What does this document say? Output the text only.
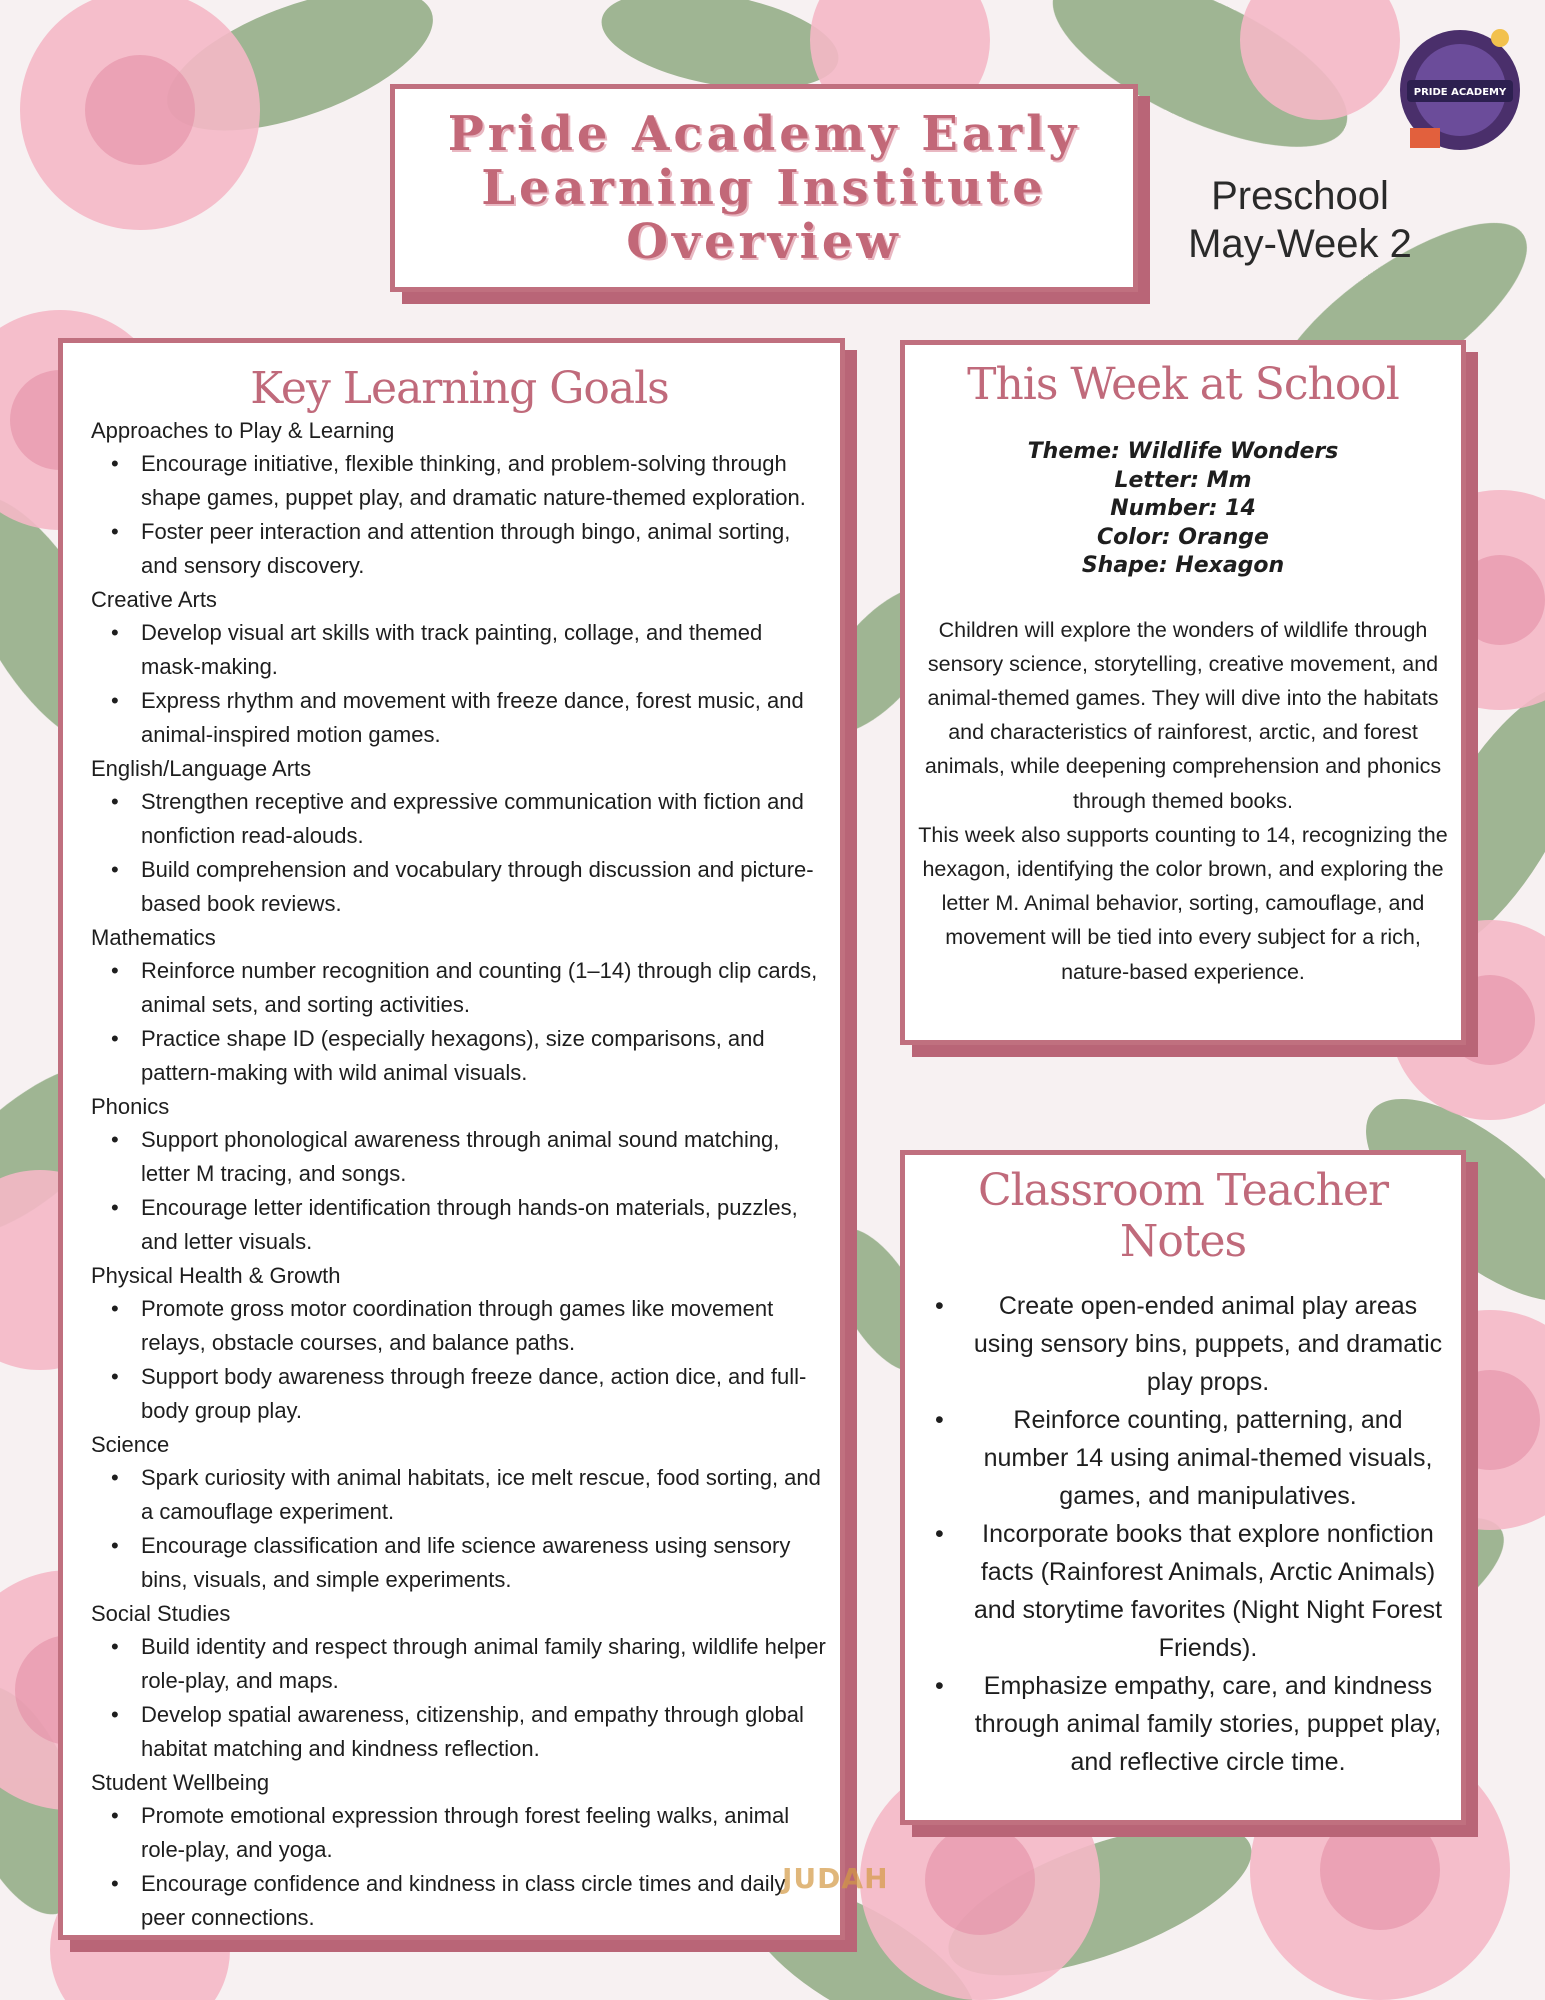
PRIDE ACADEMY
Pride Academy Early
Learning Institute
Overview
Preschool
May-Week 2
Key Learning Goals

Approaches to Play & Learning

• Encourage initiative, flexible thinking, and problem-solving through shape games, puppet play, and dramatic nature-themed exploration.
• Foster peer interaction and attention through bingo, animal sorting, and sensory discovery.

Creative Arts

• Develop visual art skills with track painting, collage, and themed mask-making.
• Express rhythm and movement with freeze dance, forest music, and animal-inspired motion games.

English/Language Arts

• Strengthen receptive and expressive communication with fiction and nonfiction read-alouds.
• Build comprehension and vocabulary through discussion and picture-based book reviews.

Mathematics

• Reinforce number recognition and counting (1–14) through clip cards, animal sets, and sorting activities.
• Practice shape ID (especially hexagons), size comparisons, and pattern-making with wild animal visuals.

Phonics

• Support phonological awareness through animal sound matching, letter M tracing, and songs.
• Encourage letter identification through hands-on materials, puzzles, and letter visuals.

Physical Health & Growth

• Promote gross motor coordination through games like movement relays, obstacle courses, and balance paths.
• Support body awareness through freeze dance, action dice, and full-body group play.

Science

• Spark curiosity with animal habitats, ice melt rescue, food sorting, and a camouflage experiment.
• Encourage classification and life science awareness using sensory bins, visuals, and simple experiments.

Social Studies

• Build identity and respect through animal family sharing, wildlife helper role-play, and maps.
• Develop spatial awareness, citizenship, and empathy through global habitat matching and kindness reflection.

Student Wellbeing

• Promote emotional expression through forest feeling walks, animal role-play, and yoga.
• Encourage confidence and kindness in class circle times and daily peer connections.
This Week at School
Theme: Wildlife Wonders
Letter: Mm
Number: 14
Color: Orange
Shape: Hexagon

Children will explore the wonders of wildlife through sensory science, storytelling, creative movement, and animal-themed games. They will dive into the habitats and characteristics of rainforest, arctic, and forest animals, while deepening comprehension and phonics through themed books.

This week also supports counting to 14, recognizing the hexagon, identifying the color brown, and exploring the letter M. Animal behavior, sorting, camouflage, and movement will be tied into every subject for a rich, nature-based experience.

Classroom Teacher Notes
• Create open-ended animal play areas using sensory bins, puppets, and dramatic play props.
• Reinforce counting, patterning, and number 14 using animal-themed visuals, games, and manipulatives.
• Incorporate books that explore nonfiction facts (Rainforest Animals, Arctic Animals) and storytime favorites (Night Night Forest Friends).
• Emphasize empathy, care, and kindness through animal family stories, puppet play, and reflective circle time.
JUDAH
